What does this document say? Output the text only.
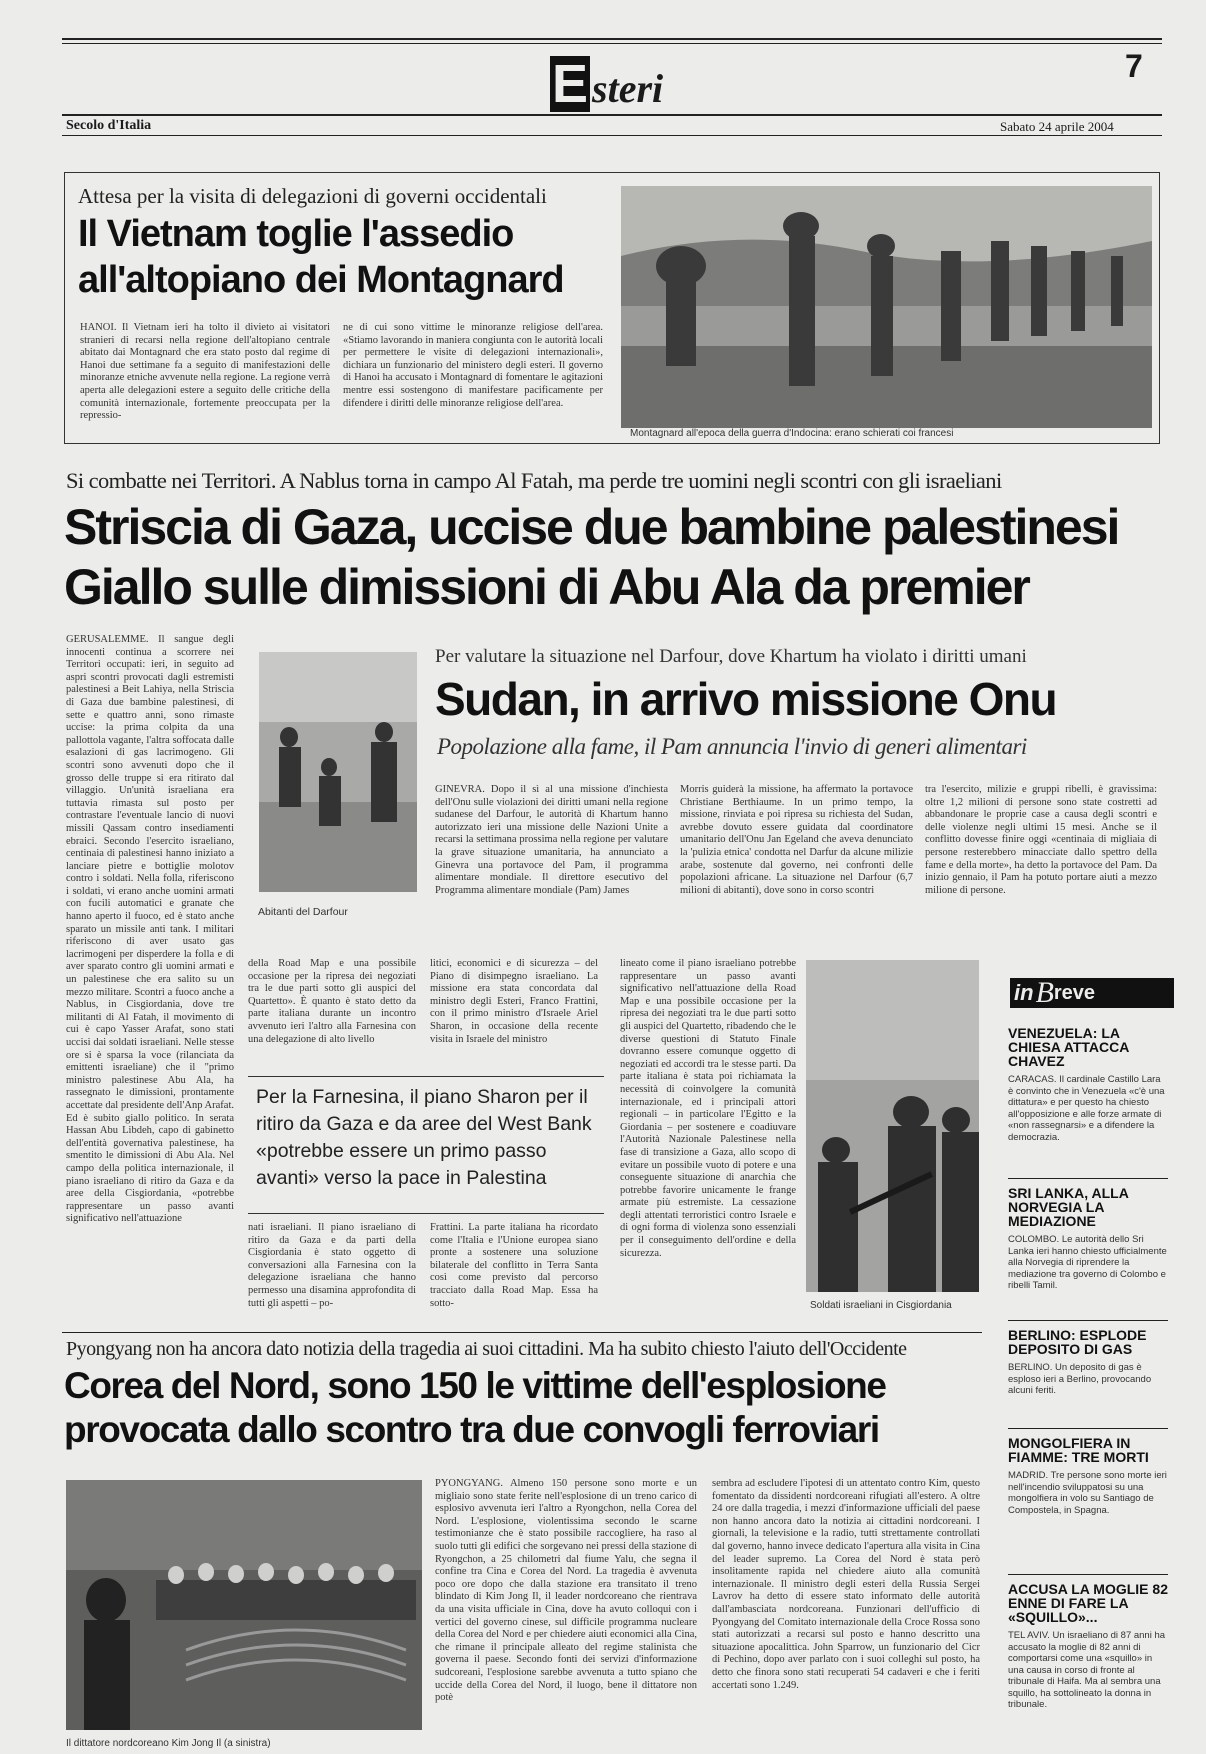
E steri	7
Secolo d'Italia	Sabato 24 aprile 2004
Attesa per la visita di delegazioni di governi occidentali
Il Vietnam toglie l'assedio
all'altopiano dei Montagnard
HANOI. Il Vietnam ieri ha tolto il divieto ai visitatori stranieri di recarsi nella regione dell'altopiano centrale abitato dai Montagnard che era stato posto dal regime di Hanoi due settimane fa a seguito di manifestazioni delle minoranze etniche avvenute nella regione. La regione verrà aperta alle delegazioni estere a seguito delle critiche della comunità internazionale, fortemente preoccupata per la repressio-
ne di cui sono vittime le minoranze religiose dell'area. «Stiamo lavorando in maniera congiunta con le autorità locali per permettere le visite di delegazioni internazionali», dichiara un funzionario del ministero degli esteri. Il governo di Hanoi ha accusato i Montagnard di fomentare le agitazioni mentre essi sostengono di manifestare pacificamente per difendere i diritti delle minoranze religiose dell'area.
Montagnard all'epoca della guerra d'Indocina: erano schierati coi francesi
Si combatte nei Territori. A Nablus torna in campo Al Fatah, ma perde tre uomini negli scontri con gli israeliani
Striscia di Gaza, uccise due bambine palestinesi
Giallo sulle dimissioni di Abu Ala da premier
GERUSALEMME. Il sangue degli innocenti continua a scorrere nei Territori occupati: ieri, in seguito ad aspri scontri provocati dagli estremisti palestinesi a Beit Lahiya, nella Striscia di Gaza due bambine palestinesi, di sette e quattro anni, sono rimaste uccise: la prima colpita da una pallottola vagante, l'altra soffocata dalle esalazioni di gas lacrimogeno. Gli scontri sono avvenuti dopo che il grosso delle truppe si era ritirato dal villaggio. Un'unità israeliana era tuttavia rimasta sul posto per contrastare l'eventuale lancio di nuovi missili Qassam contro insediamenti ebraici. Secondo l'esercito israeliano, centinaia di palestinesi hanno iniziato a lanciare pietre e bottiglie molotov contro i soldati. Nella folla, riferiscono i soldati, vi erano anche uomini armati con fucili automatici e granate che hanno aperto il fuoco, ed è stato anche sparato un missile anti tank. I militari riferiscono di aver usato gas lacrimogeni per disperdere la folla e di aver sparato contro gli uomini armati e un palestinese che era salito su un mezzo militare. Scontri a fuoco anche a Nablus, in Cisgiordania, dove tre militanti di Al Fatah, il movimento di cui è capo Yasser Arafat, sono stati uccisi dai soldati israeliani. Nelle stesse ore si è sparsa la voce (rilanciata da emittenti israeliane) che il "primo ministro palestinese Abu Ala, ha rassegnato le dimissioni, prontamente accettate dal presidente dell'Anp Arafat. Ed è subito giallo politico. In serata Hassan Abu Libdeh, capo di gabinetto dell'entità governativa palestinese, ha smentito le dimissioni di Abu Ala. Nel campo della politica internazionale, il piano israeliano di ritiro da Gaza e da aree della Cisgiordania, «potrebbe rappresentare un passo avanti significativo nell'attuazione
Abitanti del Darfour
Per valutare la situazione nel Darfour, dove Khartum ha violato i diritti umani
Sudan, in arrivo missione Onu
Popolazione alla fame, il Pam annuncia l'invio di generi alimentari
GINEVRA. Dopo il sì al una missione d'inchiesta dell'Onu sulle violazioni dei diritti umani nella regione sudanese del Darfour, le autorità di Khartum hanno autorizzato ieri una missione delle Nazioni Unite a recarsi la settimana prossima nella regione per valutare la grave situazione umanitaria, ha annunciato a Ginevra una portavoce del Pam, il programma alimentare mondiale. Il direttore esecutivo del Programma alimentare mondiale (Pam) James
Morris guiderà la missione, ha affermato la portavoce Christiane Berthiaume. In un primo tempo, la missione, rinviata e poi ripresa su richiesta del Sudan, avrebbe dovuto essere guidata dal coordinatore umanitario dell'Onu Jan Egeland che aveva denunciato la 'pulizia etnica' condotta nel Darfur da alcune milizie arabe, sostenute dal governo, nei confronti delle popolazioni africane. La situazione nel Darfour (6,7 milioni di abitanti), dove sono in corso scontri
tra l'esercito, milizie e gruppi ribelli, è gravissima: oltre 1,2 milioni di persone sono state costretti ad abbandonare le proprie case a causa degli scontri e delle violenze negli ultimi 15 mesi. Anche se il conflitto dovesse finire oggi «centinaia di migliaia di persone resterebbero minacciate dallo spettro della fame e della morte», ha detto la portavoce del Pam. Da inizio gennaio, il Pam ha potuto portare aiuti a mezzo milione di persone.
della Road Map e una possibile occasione per la ripresa dei negoziati tra le due parti sotto gli auspici del Quartetto». È quanto è stato detto da parte italiana durante un incontro avvenuto ieri l'altro alla Farnesina con una delegazione di alto livello
litici, economici e di sicurezza – del Piano di disimpegno israeliano. La missione era stata concordata dal ministro degli Esteri, Franco Frattini, con il primo ministro d'Israele Ariel Sharon, in occasione della recente visita in Israele del ministro
Per la Farnesina, il piano Sharon per il ritiro da Gaza e da aree del West Bank «potrebbe essere un primo passo avanti» verso la pace in Palestina
nati israeliani. Il piano israeliano di ritiro da Gaza e da parti della Cisgiordania è stato oggetto di conversazioni alla Farnesina con la delegazione israeliana che hanno permesso una disamina approfondita di tutti gli aspetti – po-
Frattini. La parte italiana ha ricordato come l'Italia e l'Unione europea siano pronte a sostenere una soluzione bilaterale del conflitto in Terra Santa così come previsto dal percorso tracciato dalla Road Map. Essa ha sotto-
lineato come il piano israeliano potrebbe rappresentare un passo avanti significativo nell'attuazione della Road Map e una possibile occasione per la ripresa dei negoziati tra le due parti sotto gli auspici del Quartetto, ribadendo che le diverse questioni di Statuto Finale dovranno essere comunque oggetto di negoziati ed accordi tra le stesse parti. Da parte italiana è stata poi richiamata la necessità di coinvolgere la comunità internazionale, ed i principali attori regionali – in particolare l'Egitto e la Giordania – per sostenere e coadiuvare l'Autorità Nazionale Palestinese nella fase di transizione a Gaza, allo scopo di evitare un possibile vuoto di potere e una conseguente situazione di anarchia che potrebbe favorire unicamente le frange armate più estremiste. La cessazione degli attentati terroristici contro Israele e di ogni forma di violenza sono essenziali per il conseguimento dell'ordine e della sicurezza.
Soldati israeliani in Cisgiordania
Pyongyang non ha ancora dato notizia della tragedia ai suoi cittadini. Ma ha subito chiesto l'aiuto dell'Occidente
Corea del Nord, sono 150 le vittime dell'esplosione
provocata dallo scontro tra due convogli ferroviari
Il dittatore nordcoreano Kim Jong Il (a sinistra)
PYONGYANG. Almeno 150 persone sono morte e un migliaio sono state ferite nell'esplosione di un treno carico di esplosivo avvenuta ieri l'altro a Ryongchon, nella Corea del Nord. L'esplosione, violentissima secondo le scarne testimonianze che è stato possibile raccogliere, ha raso al suolo tutti gli edifici che sorgevano nei pressi della stazione di Ryongchon, a 25 chilometri dal fiume Yalu, che segna il confine tra Cina e Corea del Nord. La tragedia è avvenuta poco ore dopo che dalla stazione era transitato il treno blindato di Kim Jong Il, il leader nordcoreano che rientrava da una visita ufficiale in Cina, dove ha avuto colloqui con i vertici del governo cinese, sul difficile programma nucleare della Corea del Nord e per chiedere aiuti economici alla Cina, che rimane il principale alleato del regime stalinista che governa il paese. Secondo fonti dei servizi d'informazione sudcoreani, l'esplosione sarebbe avvenuta a tutto spiano che uccide della Corea del Nord, il luogo, bene il dittatore non potè
sembra ad escludere l'ipotesi di un attentato contro Kim, questo fomentato da dissidenti nordcoreani rifugiati all'estero. A oltre 24 ore dalla tragedia, i mezzi d'informazione ufficiali del paese non hanno ancora dato la notizia ai cittadini nordcoreani. I giornali, la televisione e la radio, tutti strettamente controllati dal governo, hanno invece dedicato l'apertura alla visita in Cina del leader supremo. La Corea del Nord è stata però insolitamente rapida nel chiedere aiuto alla comunità internazionale. Il ministro degli esteri della Russia Sergei Lavrov ha detto di essere stato informato delle autorità dall'ambasciata nordcoreana. Funzionari dell'ufficio di Pyongyang del Comitato internazionale della Croce Rossa sono stati autorizzati a recarsi sul posto e hanno descritto una situazione apocalittica. John Sparrow, un funzionario del Cicr di Pechino, dopo aver parlato con i suoi colleghi sul posto, ha detto che finora sono stati recuperati 54 cadaveri e che i feriti accertati sono 1.249.
in B reve
VENEZUELA: LA CHIESA ATTACCA CHAVEZ
CARACAS. Il cardinale Castillo Lara è convinto che in Venezuela «c'è una dittatura» e per questo ha chiesto all'opposizione e alle forze armate di «non rassegnarsi» e a difendere la democrazia.
SRI LANKA, ALLA NORVEGIA LA MEDIAZIONE
COLOMBO. Le autorità dello Sri Lanka ieri hanno chiesto ufficialmente alla Norvegia di riprendere la mediazione tra governo di Colombo e ribelli Tamil.
BERLINO: ESPLODE DEPOSITO DI GAS
BERLINO. Un deposito di gas è esploso ieri a Berlino, provocando alcuni feriti.
MONGOLFIERA IN FIAMME: TRE MORTI
MADRID. Tre persone sono morte ieri nell'incendio sviluppatosi su una mongolfiera in volo su Santiago de Compostela, in Spagna.
ACCUSA LA MOGLIE 82 ENNE DI FARE LA «SQUILLO»...
TEL AVIV. Un israeliano di 87 anni ha accusato la moglie di 82 anni di comportarsi come una «squillo» in una causa in corso di fronte al tribunale di Haifa. Ma al sembra una squillo, ha sottolineato la donna in tribunale.
